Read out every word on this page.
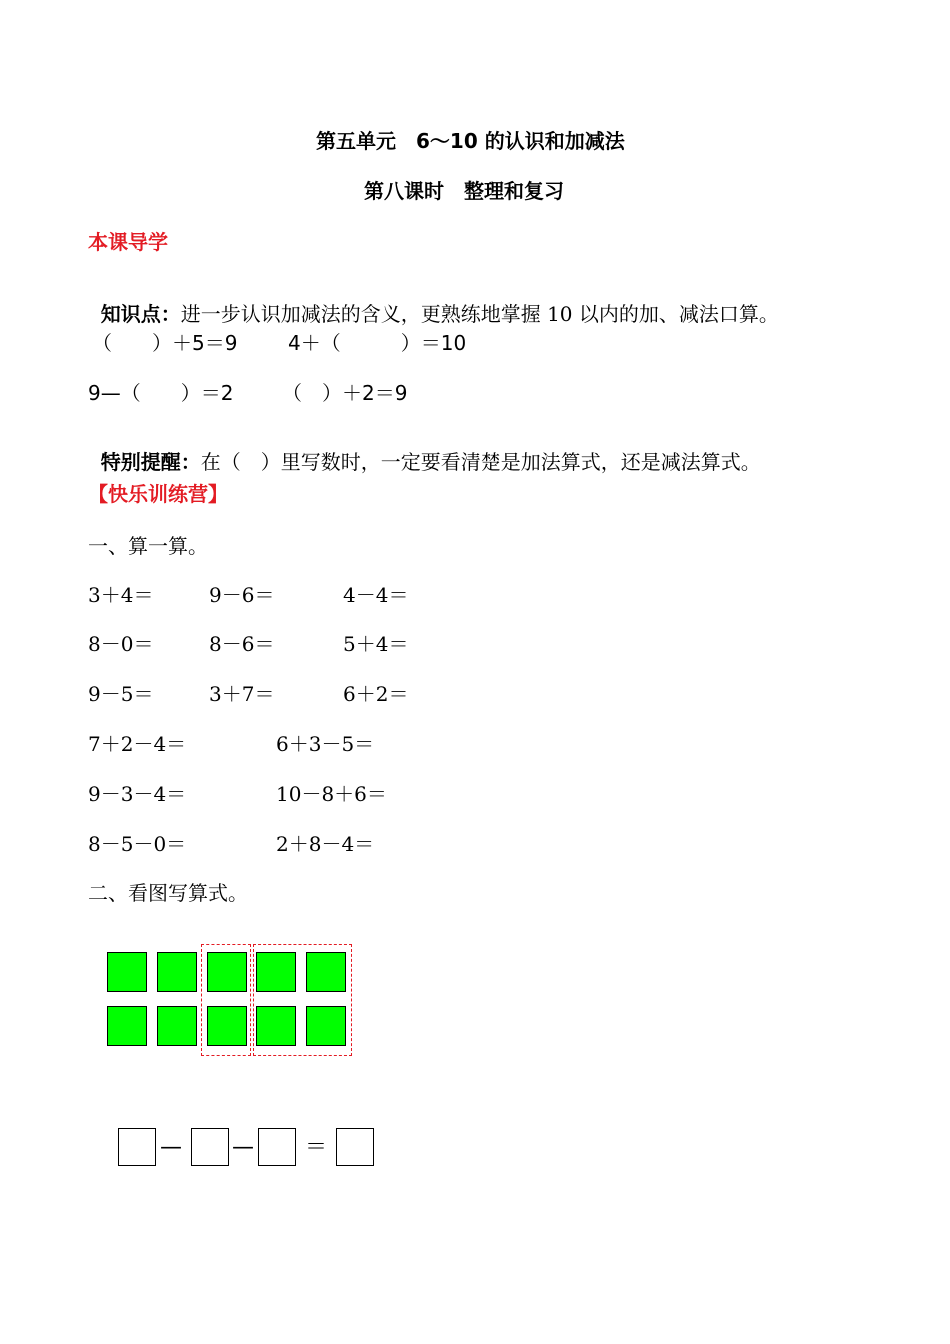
第五单元　6～10 的认识和加减法
第八课时　整理和复习
本课导学

知识点：进一步认识加减法的含义，更熟练地掌握 10 以内的加、减法口算。

（　　）＋5＝9	4＋（　　　）＝10
9—（　　）＝2 （　）＋2＝9

特别提醒：在（　）里写数时，一定要看清楚是加法算式，还是减法算式。

【快乐训练营】
一、算一算。
3＋4＝	9－6＝	4－4＝
8－0＝	8－6＝	5＋4＝
9－5＝	3＋7＝	6＋2＝
7＋2－4＝	6＋3－5＝
9－3－4＝	10－8＋6＝
8－5－0＝	2＋8－4＝
二、看图写算式。
— — ＝
